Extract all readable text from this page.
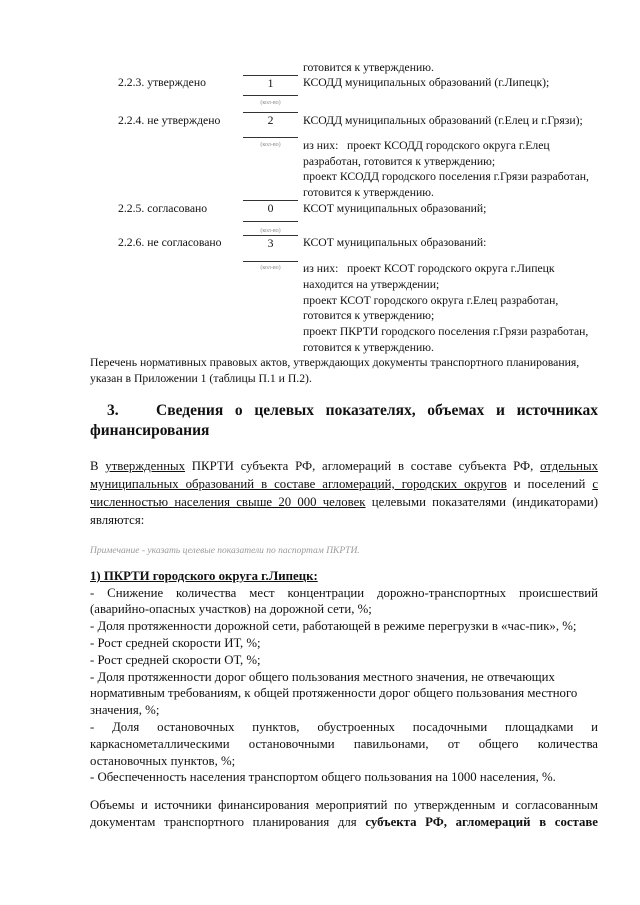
готовится к утверждению.
2.2.3. утверждено	1
(кол-во)
КСОДД муниципальных образований (г.Липецк);
2.2.4. не утверждено	2
(кол-во)
КСОДД муниципальных образований (г.Елец и г.Грязи);
из них: проект КСОДД городского округа г.Елец
разработан, готовится к утверждению;
проект КСОДД городского поселения г.Грязи разработан,
готовится к утверждению.
2.2.5. согласовано	0
(кол-во)
КСОТ муниципальных образований;
2.2.6. не согласовано	3
(кол-во)
КСОТ муниципальных образований:
из них: проект КСОТ городского округа г.Липецк
находится на утверждении;
проект КСОТ городского округа г.Елец разработан,
готовится к утверждению;
проект ПКРТИ городского поселения г.Грязи разработан,
готовится к утверждению.
Перечень нормативных правовых актов, утверждающих документы транспортного планирования,
указан в Приложении 1 (таблицы П.1 и П.2).
3. Сведения о целевых показателях, объемах и источниках
финансирования
В утвержденных ПКРТИ субъекта РФ, агломераций в составе субъекта РФ, отдельных
муниципальных образований в составе агломераций, городских округов и поселений с
численностью населения свыше 20 000 человек целевыми показателями (индикаторами)
являются:
Примечание - указать целевые показатели по паспортам ПКРТИ.
1) ПКРТИ городского округа г.Липецк:
- Снижение количества мест концентрации дорожно-транспортных происшествий
(аварийно-опасных участков) на дорожной сети, %;
- Доля протяженности дорожной сети, работающей в режиме перегрузки в «час-пик», %;
- Рост средней скорости ИТ, %;
- Рост средней скорости ОТ, %;
- Доля протяженности дорог общего пользования местного значения, не отвечающих
нормативным требованиям, к общей протяженности дорог общего пользования местного
значения, %;
- Доля остановочных пунктов, обустроенных посадочными площадками и
каркаснометаллическими остановочными павильонами, от общего количества
остановочных пунктов, %;
- Обеспеченность населения транспортом общего пользования на 1000 населения, %.
Объемы и источники финансирования мероприятий по утвержденным и согласованным
документам транспортного планирования для субъекта РФ, агломераций в составе
